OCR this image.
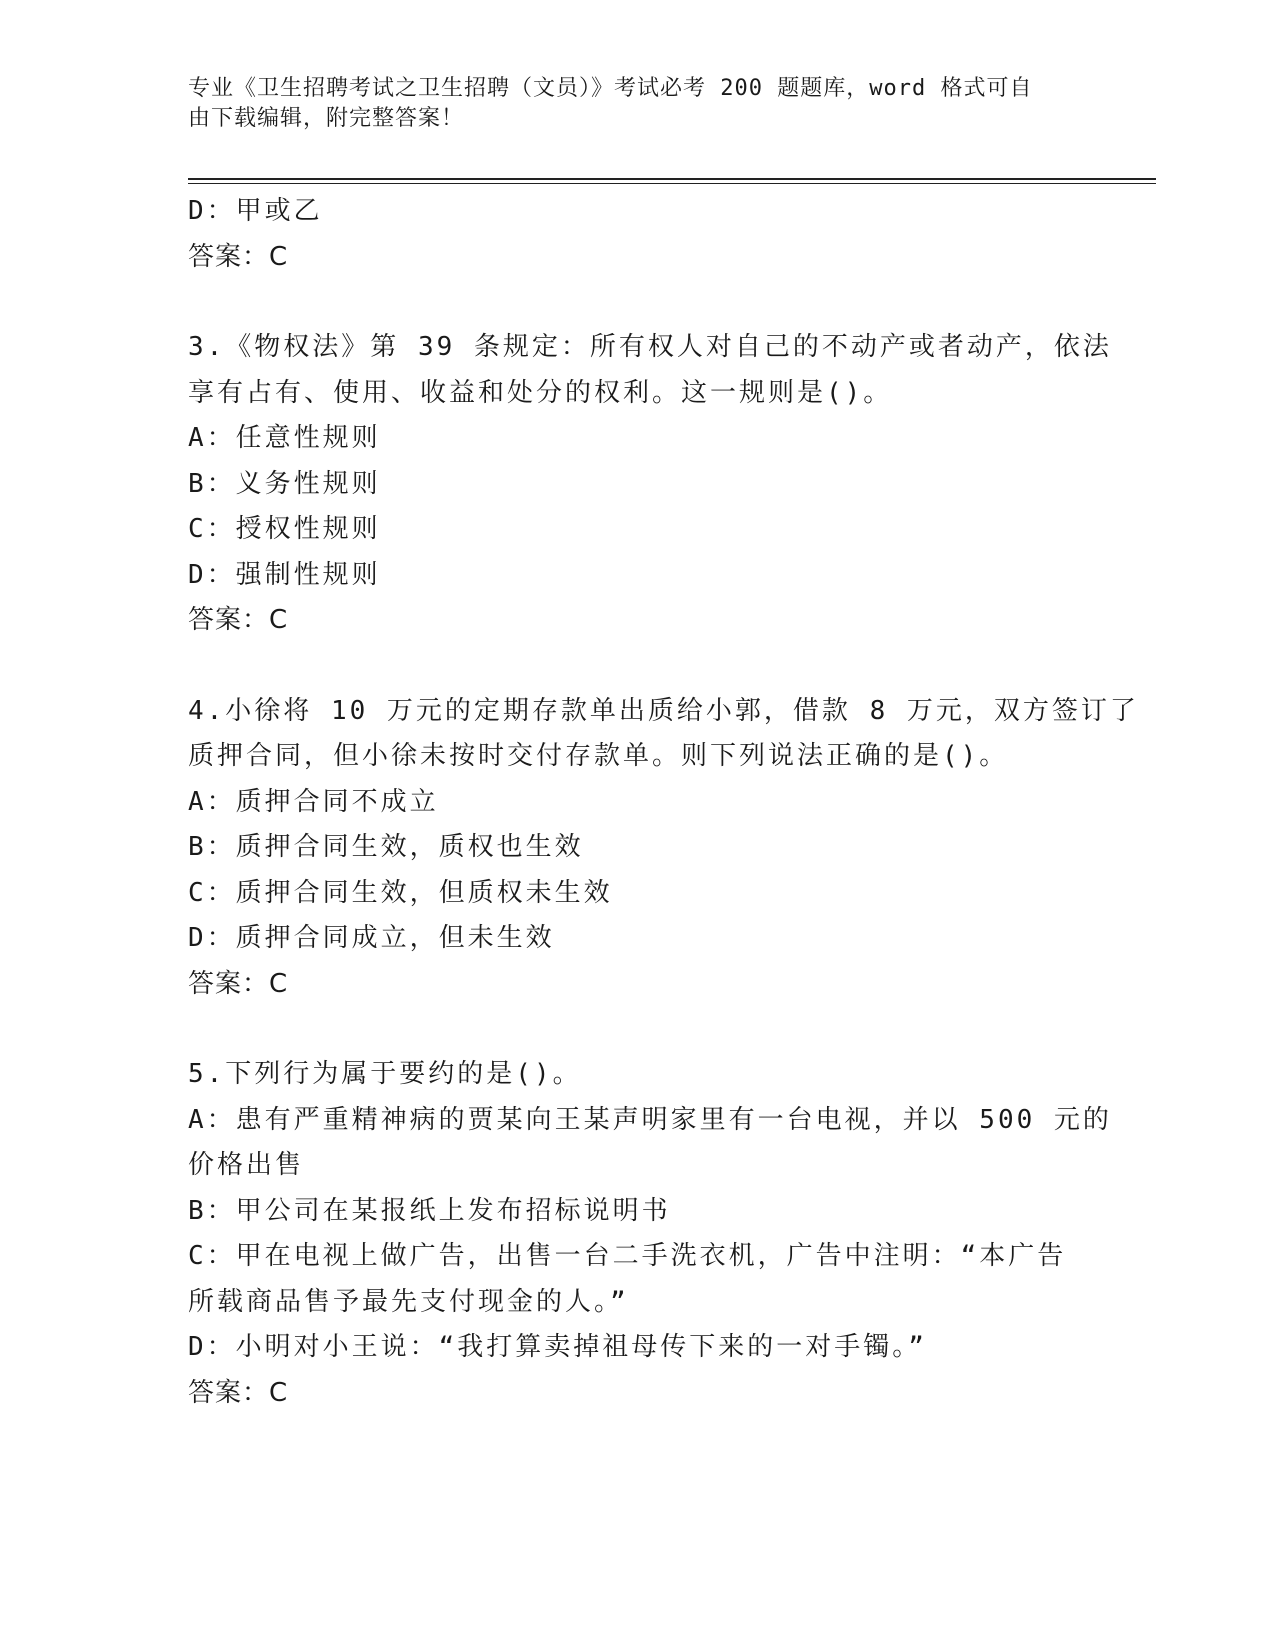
专业《卫生招聘考试之卫生招聘（文员）》考试必考 200 题题库，word 格式可自
由下载编辑，附完整答案！
D：甲或乙
答案：C
3.《物权法》第 39 条规定：所有权人对自己的不动产或者动产，依法
享有占有、使用、收益和处分的权利。这一规则是()。
A：任意性规则
B：义务性规则
C：授权性规则
D：强制性规则
答案：C
4.小徐将 10 万元的定期存款单出质给小郭，借款 8 万元，双方签订了
质押合同，但小徐未按时交付存款单。则下列说法正确的是()。
A：质押合同不成立
B：质押合同生效，质权也生效
C：质押合同生效，但质权未生效
D：质押合同成立，但未生效
答案：C
5.下列行为属于要约的是()。
A：患有严重精神病的贾某向王某声明家里有一台电视，并以 500 元的
价格出售
B：甲公司在某报纸上发布招标说明书
C：甲在电视上做广告，出售一台二手洗衣机，广告中注明：“本广告
所载商品售予最先支付现金的人。”
D：小明对小王说：“我打算卖掉祖母传下来的一对手镯。”
答案：C
